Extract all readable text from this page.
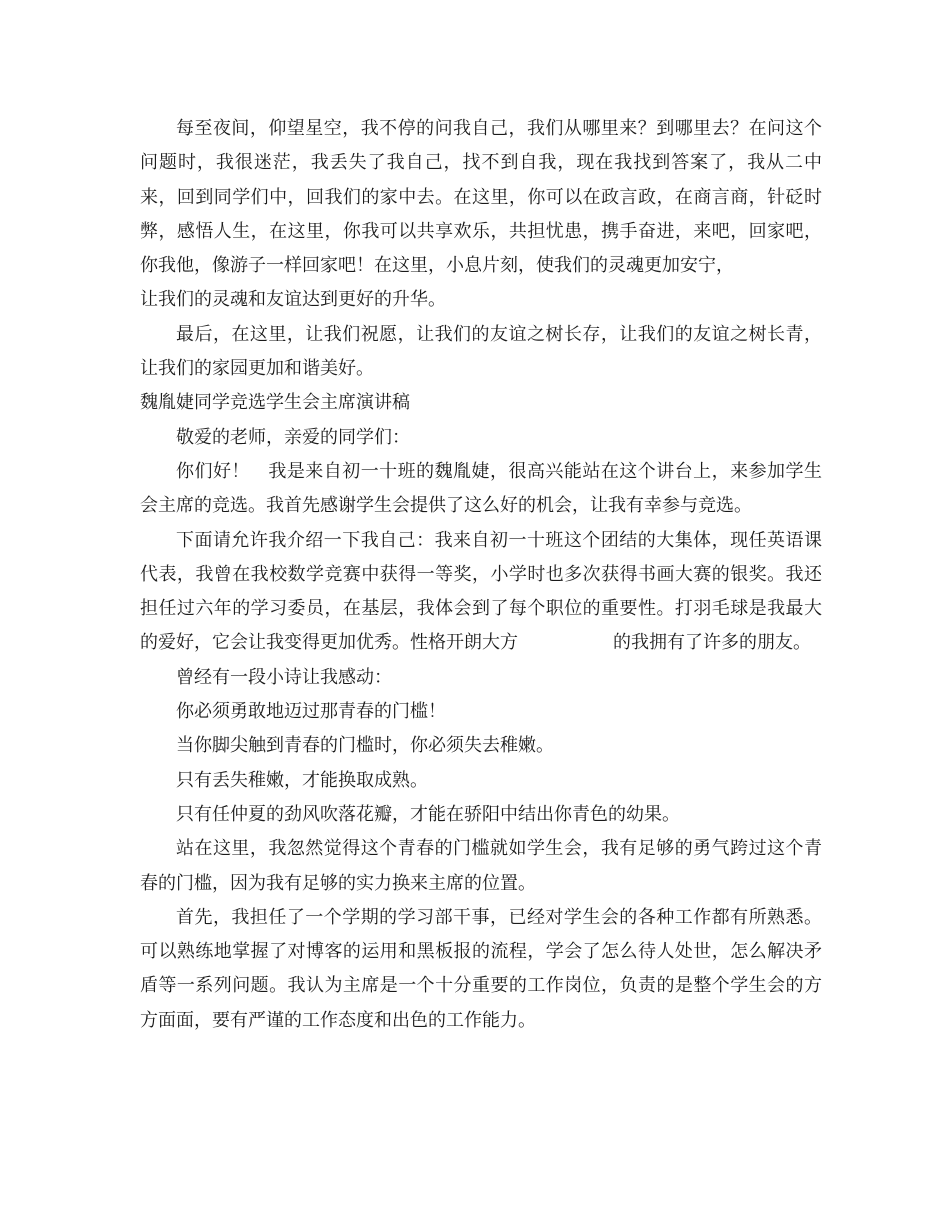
每至夜间，仰望星空，我不停的问我自己，我们从哪里来？到哪里去？在问这个问题时，我很迷茫，我丢失了我自己，找不到自我，现在我找到答案了，我从二中来，回到同学们中，回我们的家中去。在这里，你可以在政言政，在商言商，针砭时弊，感悟人生，在这里，你我可以共享欢乐，共担忧患，携手奋进，来吧，回家吧，你我他，像游子一样回家吧！在这里，小息片刻，使我们的灵魂更加安宁，

让我们的灵魂和友谊达到更好的升华。

最后，在这里，让我们祝愿，让我们的友谊之树长存，让我们的友谊之树长青，让我们的家园更加和谐美好。

魏胤婕同学竞选学生会主席演讲稿

敬爱的老师，亲爱的同学们：

你们好！　我是来自初一十班的魏胤婕，很高兴能站在这个讲台上，来参加学生会主席的竞选。我首先感谢学生会提供了这么好的机会，让我有幸参与竞选。

下面请允许我介绍一下我自己：我来自初一十班这个团结的大集体，现任英语课代表，我曾在我校数学竞赛中获得一等奖，小学时也多次获得书画大赛的银奖。我还担任过六年的学习委员，在基层，我体会到了每个职位的重要性。打羽毛球是我最大的爱好，它会让我变得更加优秀。性格开朗大方	的我拥有了许多的朋友。

曾经有一段小诗让我感动：

你必须勇敢地迈过那青春的门槛！

当你脚尖触到青春的门槛时，你必须失去稚嫩。

只有丢失稚嫩，才能换取成熟。

只有任仲夏的劲风吹落花瓣，才能在骄阳中结出你青色的幼果。

站在这里，我忽然觉得这个青春的门槛就如学生会，我有足够的勇气跨过这个青春的门槛，因为我有足够的实力换来主席的位置。

首先，我担任了一个学期的学习部干事，已经对学生会的各种工作都有所熟悉。可以熟练地掌握了对博客的运用和黑板报的流程，学会了怎么待人处世，怎么解决矛盾等一系列问题。我认为主席是一个十分重要的工作岗位，负责的是整个学生会的方方面面，要有严谨的工作态度和出色的工作能力。
